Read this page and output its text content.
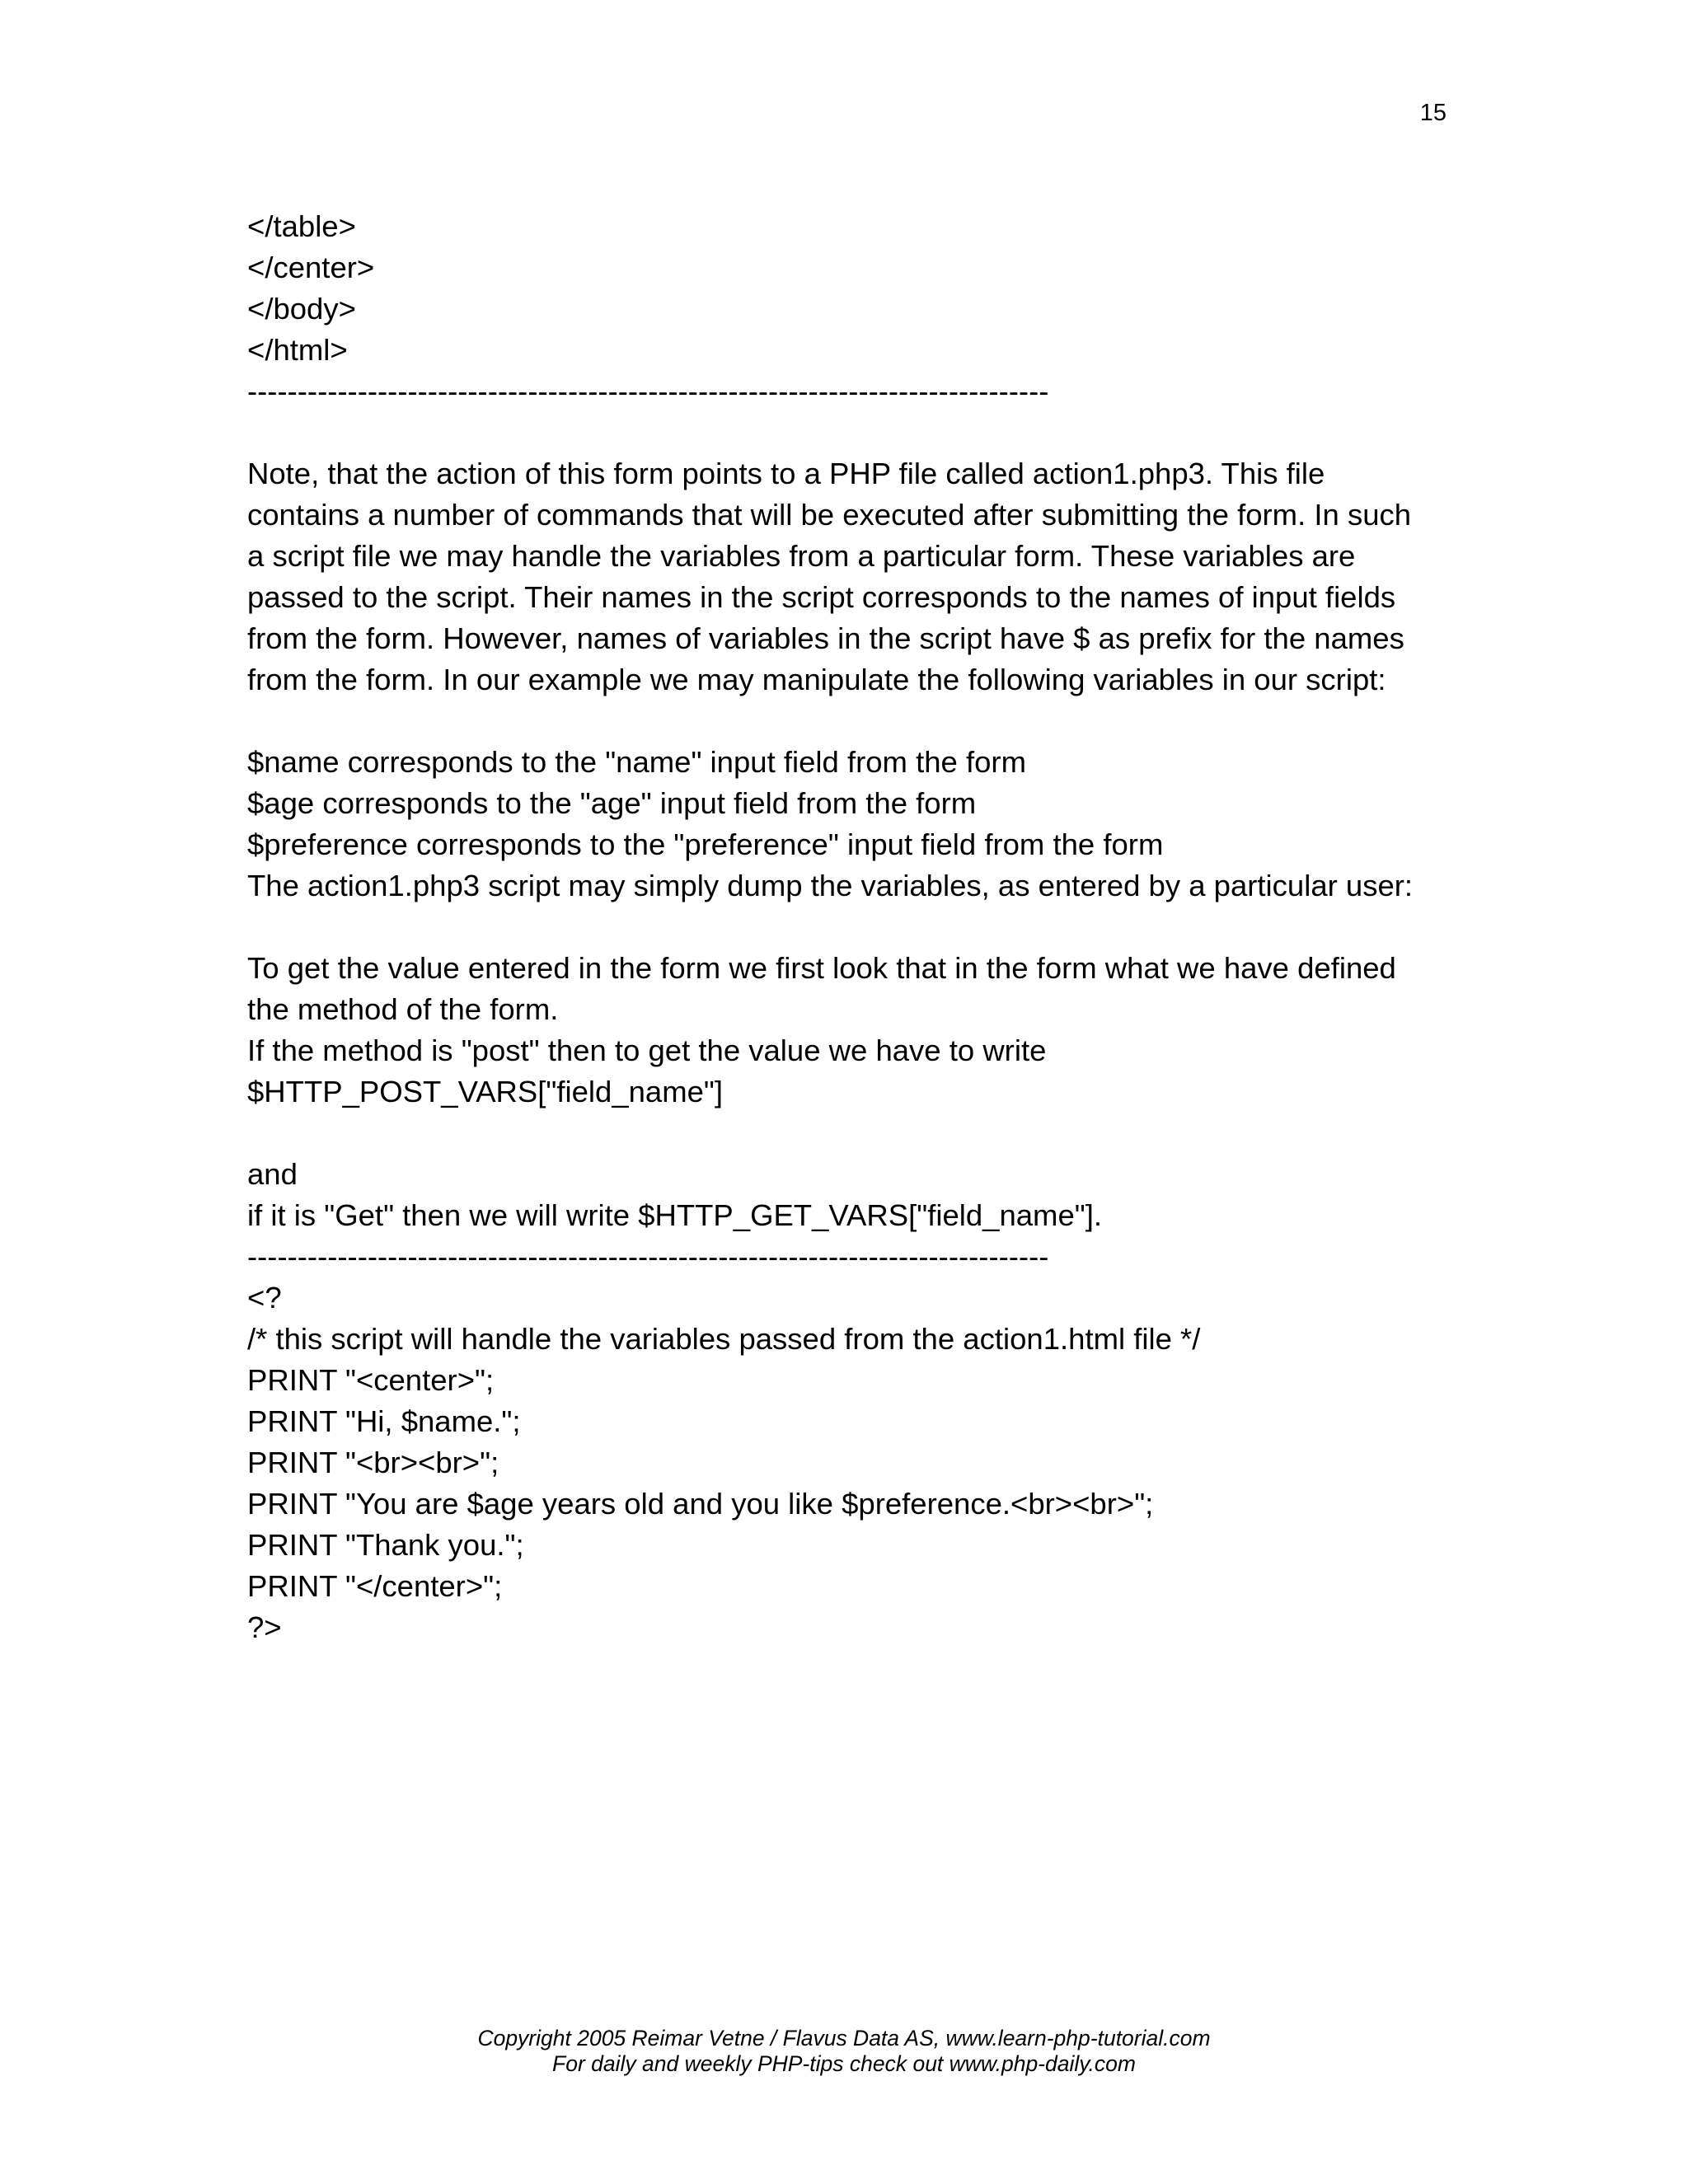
15
</table>
</center>
</body>
</html>
--------------------------------------------------------------------------------
Note, that the action of this form points to a PHP file called action1.php3. This file
contains a number of commands that will be executed after submitting the form. In such
a script file we may handle the variables from a particular form. These variables are
passed to the script. Their names in the script corresponds to the names of input fields
from the form. However, names of variables in the script have $ as prefix for the names
from the form. In our example we may manipulate the following variables in our script:
$name corresponds to the "name" input field from the form
$age corresponds to the "age" input field from the form
$preference corresponds to the "preference" input field from the form
The action1.php3 script may simply dump the variables, as entered by a particular user:
To get the value entered in the form we first look that in the form what we have defined
the method of the form.
If the method is "post" then to get the value we have to write
$HTTP_POST_VARS["field_name"]
and
if it is "Get" then we will write $HTTP_GET_VARS["field_name"].
--------------------------------------------------------------------------------
<?
/* this script will handle the variables passed from the action1.html file */
PRINT "<center>";
PRINT "Hi, $name.";
PRINT "<br><br>";
PRINT "You are $age years old and you like $preference.<br><br>";
PRINT "Thank you.";
PRINT "</center>";
?>
Copyright 2005 Reimar Vetne / Flavus Data AS, www.learn-php-tutorial.com
For daily and weekly PHP-tips check out www.php-daily.com
